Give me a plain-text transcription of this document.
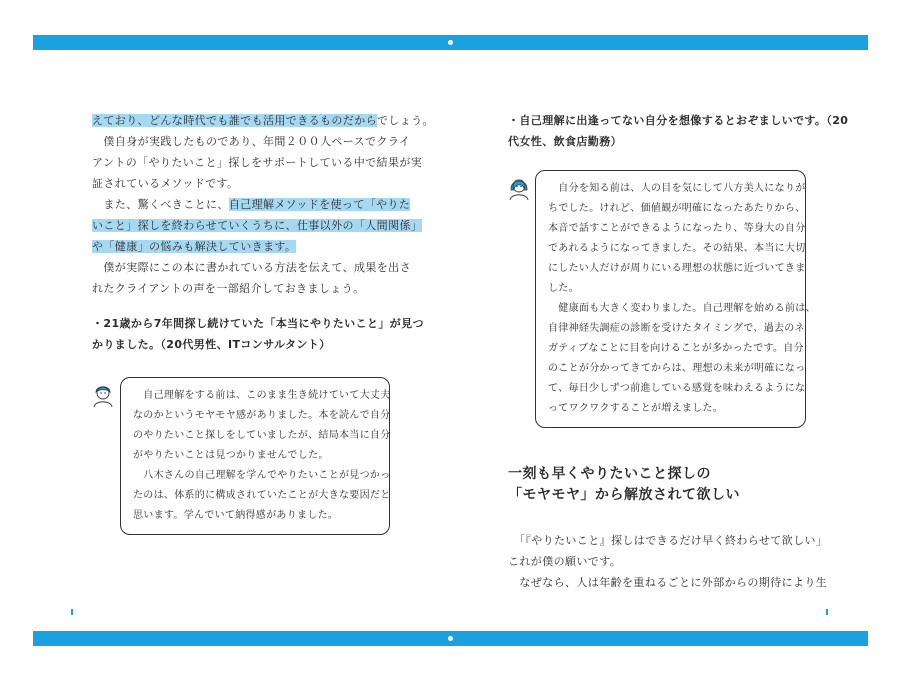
えており、どんな時代でも誰でも活用できるものだからでしょう。

　僕自身が実践したものであり、年間２００人ペースでクライ

アントの「やりたいこと」探しをサポートしている中で結果が実

証されているメソッドです。

　また、驚くべきことに、自己理解メソッドを使って「やりた

いこと」探しを終わらせていくうちに、仕事以外の「人間関係」

や「健康」の悩みも解決していきます。

　僕が実際にこの本に書かれている方法を伝えて、成果を出さ

れたクライアントの声を一部紹介しておきましょう。

・21歳から7年間探し続けていた「本当にやりたいこと」が見つ

かりました。（20代男性、ITコンサルタント）

　自己理解をする前は、このまま生き続けていて大丈夫

なのかというモヤモヤ感がありました。本を読んで自分

のやりたいこと探しをしていましたが、結局本当に自分

がやりたいことは見つかりませんでした。

　八木さんの自己理解を学んでやりたいことが見つかっ

たのは、体系的に構成されていたことが大きな要因だと

思います。学んでいて納得感がありました。

・自己理解に出逢ってない自分を想像するとおぞましいです。（20

代女性、飲食店勤務）

　自分を知る前は、人の目を気にして八方美人になりが

ちでした。けれど、価値観が明確になったあたりから、

本音で話すことができるようになったり、等身大の自分

であれるようになってきました。その結果、本当に大切

にしたい人だけが周りにいる理想の状態に近づいてきま

した。

　健康面も大きく変わりました。自己理解を始める前は、

自律神経失調症の診断を受けたタイミングで、過去のネ

ガティブなことに目を向けることが多かったです。自分

のことが分かってきてからは、理想の未来が明確になっ

て、毎日少しずつ前進している感覚を味わえるようにな

ってワクワクすることが増えました。

一刻も早くやりたいこと探しの

「モヤモヤ」から解放されて欲しい

　「『やりたいこと』探しはできるだけ早く終わらせて欲しい」

これが僕の願いです。

　なぜなら、人は年齢を重ねるごとに外部からの期待により生
